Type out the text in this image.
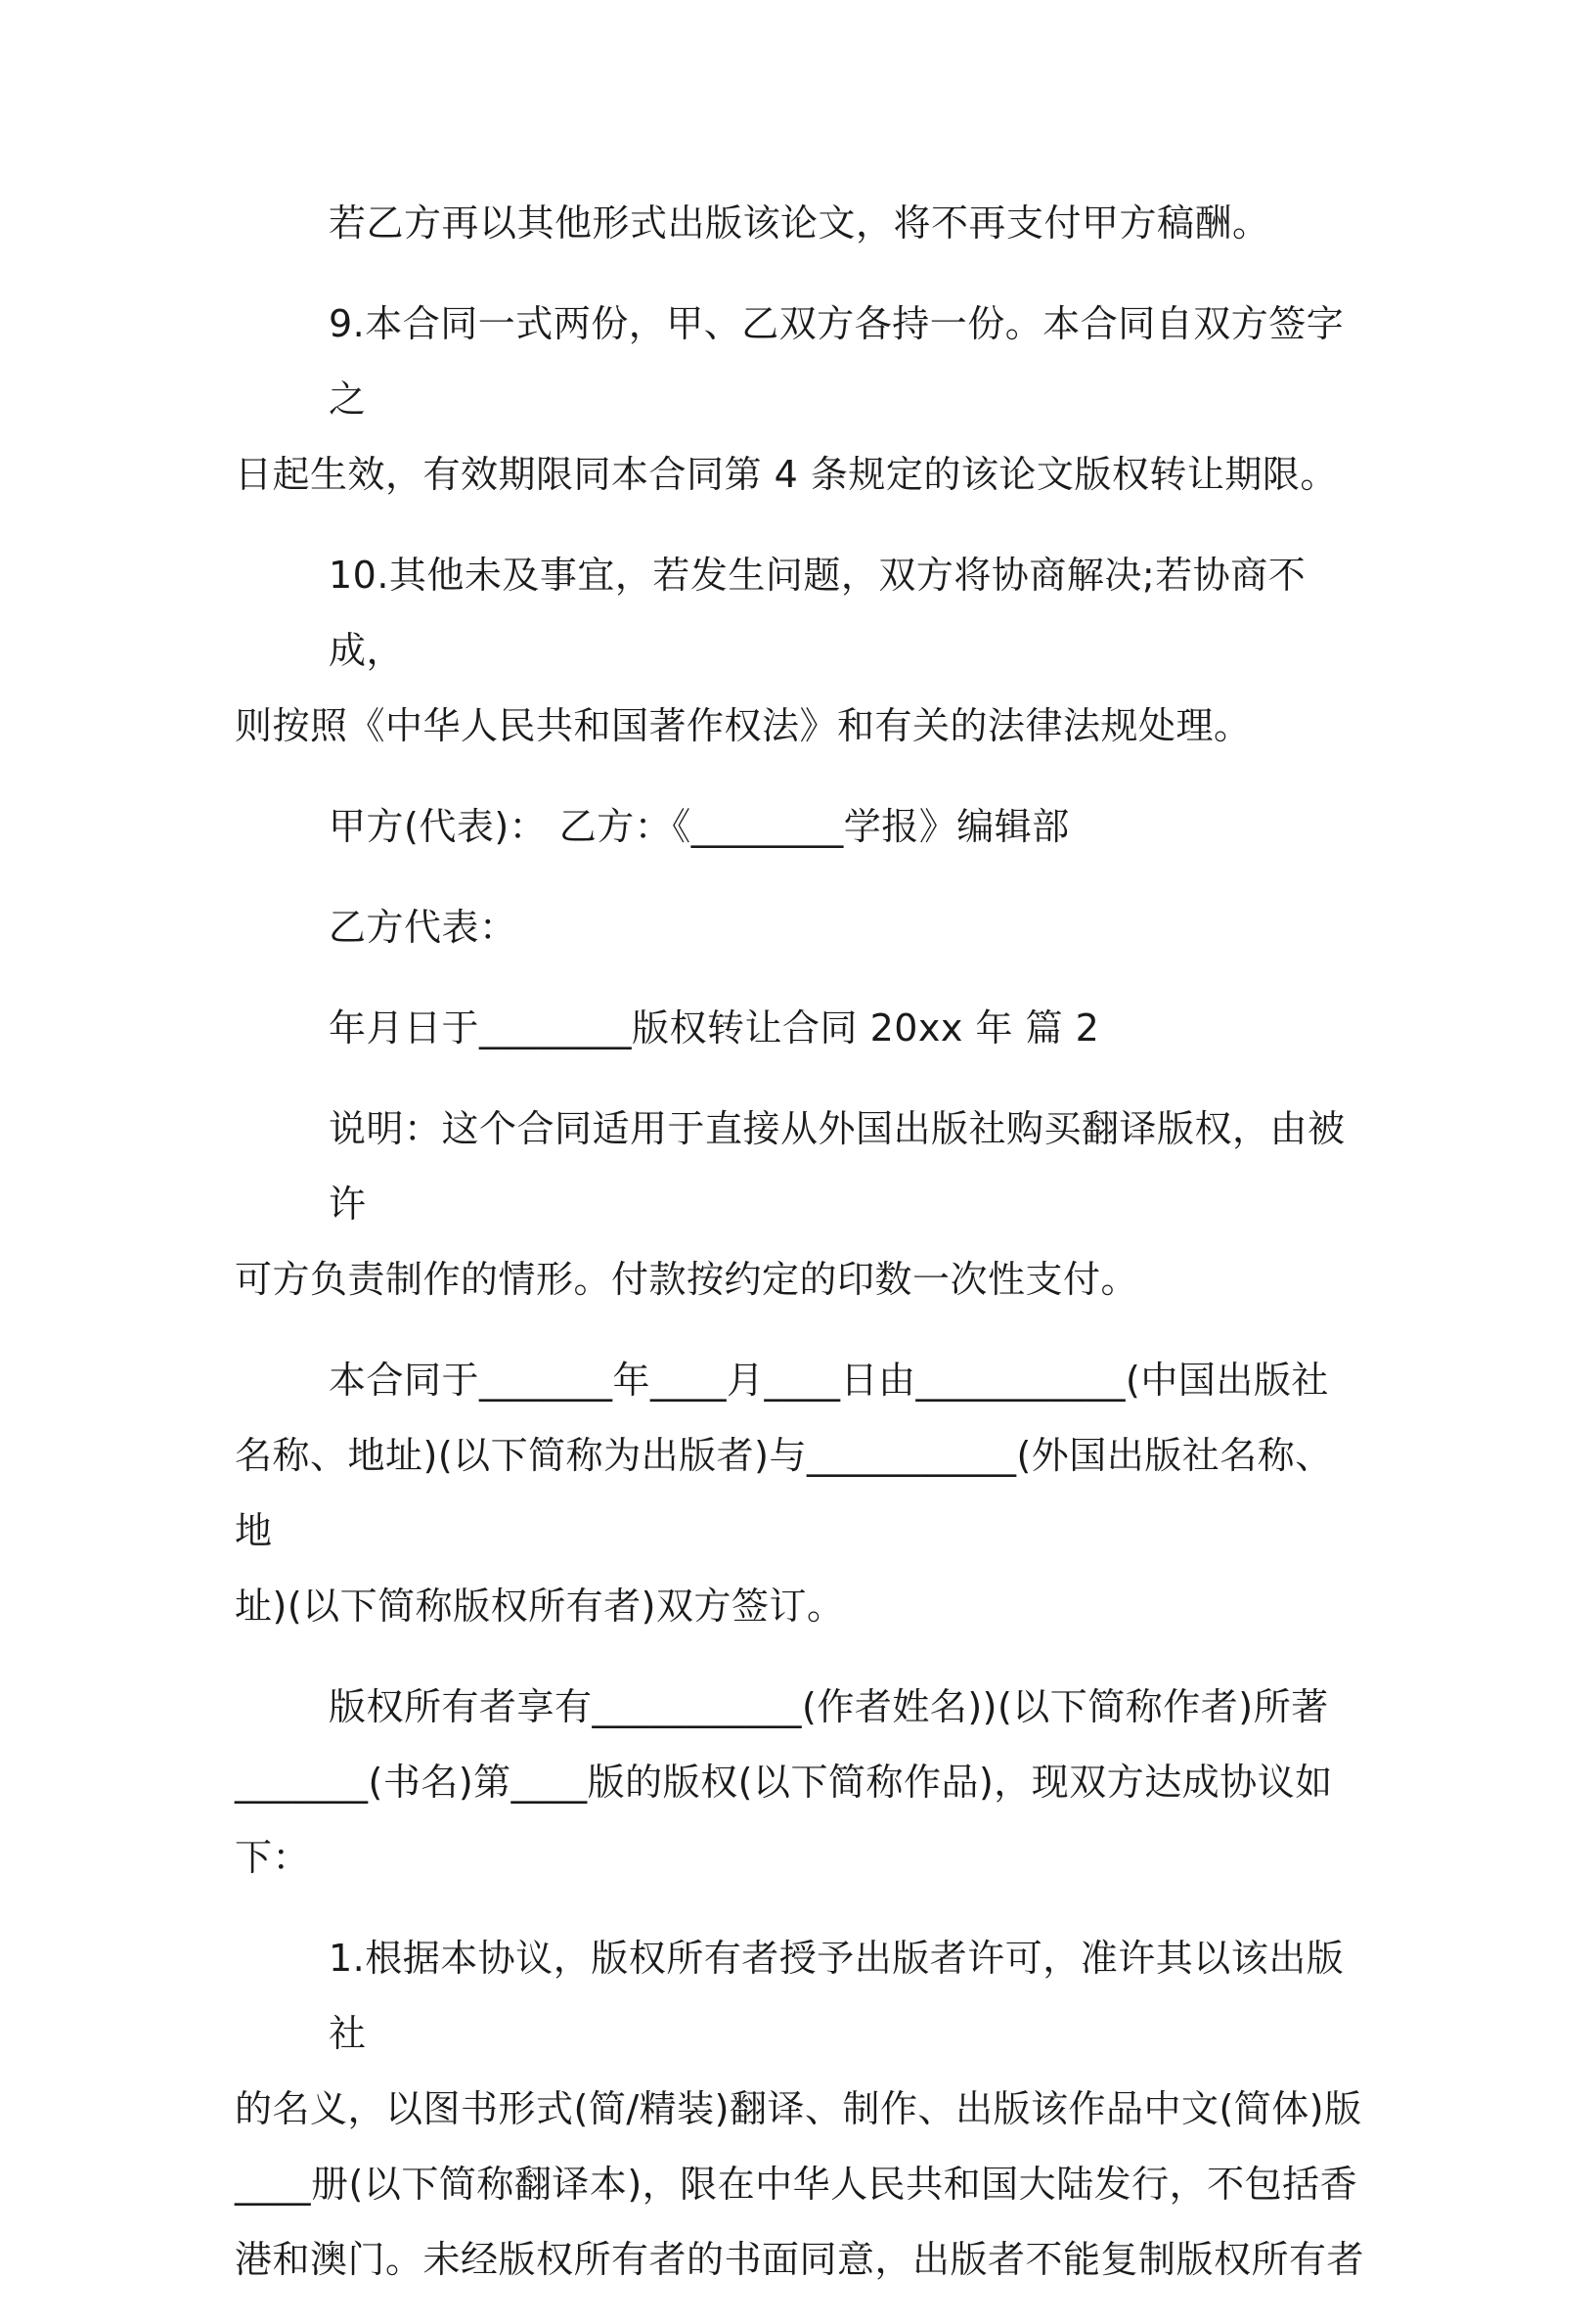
若乙方再以其他形式出版该论文，将不再支付甲方稿酬。

9.本合同一式两份，甲、乙双方各持一份。本合同自双方签字之
日起生效，有效期限同本合同第 4 条规定的该论文版权转让期限。

10.其他未及事宜，若发生问题，双方将协商解决;若协商不成，
则按照《中华人民共和国著作权法》和有关的法律法规处理。

甲方(代表)： 乙方：《________学报》编辑部

乙方代表：

年月日于________版权转让合同 20xx 年 篇 2

说明：这个合同适用于直接从外国出版社购买翻译版权，由被许
可方负责制作的情形。付款按约定的印数一次性支付。

本合同于_______年____月____日由___________(中国出版社
名称、地址)(以下简称为出版者)与___________(外国出版社名称、地
址)(以下简称版权所有者)双方签订。

版权所有者享有___________(作者姓名))(以下简称作者)所著
_______(书名)第____版的版权(以下简称作品)，现双方达成协议如下：

1.根据本协议，版权所有者授予出版者许可，准许其以该出版社
的名义，以图书形式(简/精装)翻译、制作、出版该作品中文(简体)版
____册(以下简称翻译本)，限在中华人民共和国大陆发行，不包括香
港和澳门。未经版权所有者的书面同意，出版者不能复制版权所有者
